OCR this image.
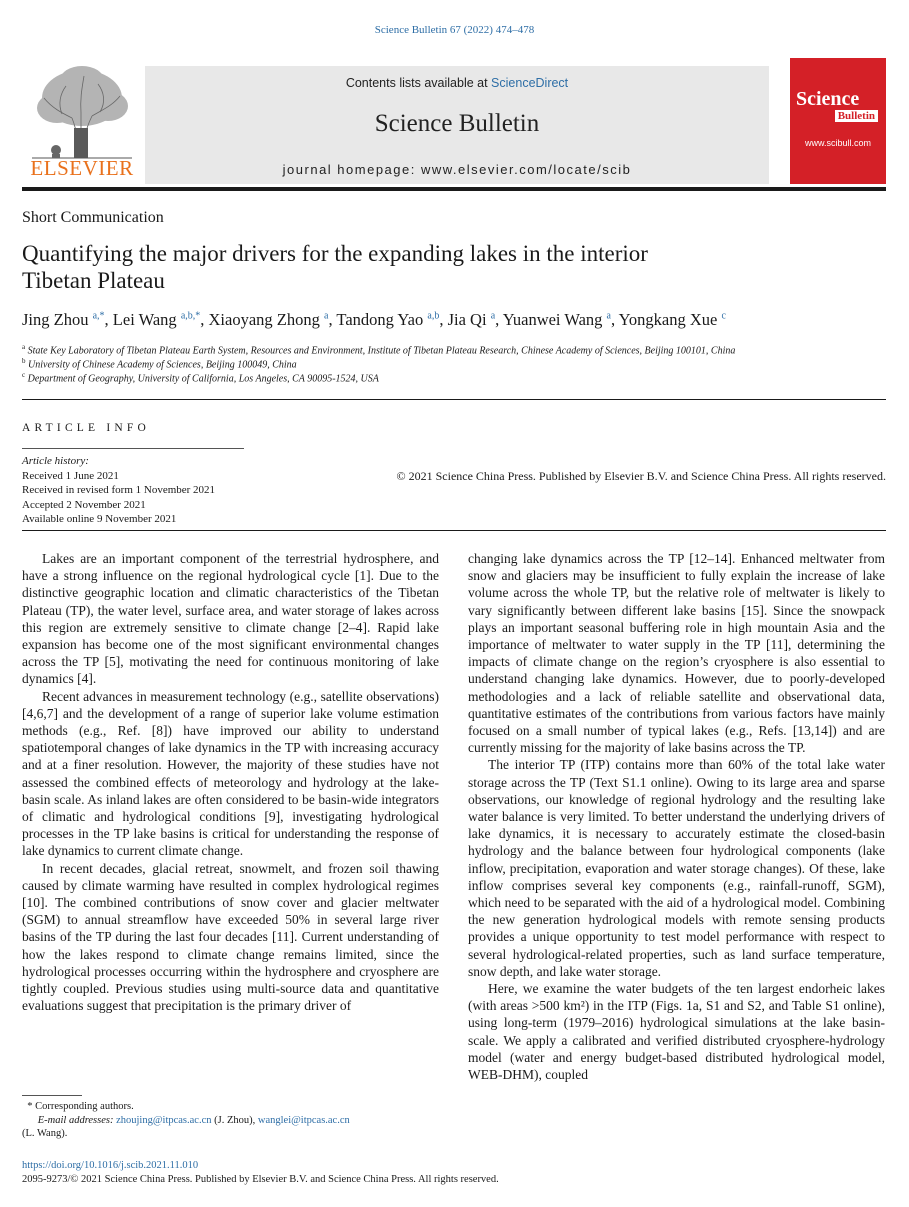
Science Bulletin 67 (2022) 474–478
ELSEVIER
Contents lists available at ScienceDirect
Science Bulletin
journal homepage: www.elsevier.com/locate/scib
Science
Bulletin
www.scibull.com
Short Communication
Quantifying the major drivers for the expanding lakes in the interior
Tibetan Plateau
Jing Zhou $^{a,*}$, Lei Wang $^{a,b,*}$, Xiaoyang Zhong $^a$, Tandong Yao $^{a,b}$, Jia Qi $^a$, Yuanwei Wang $^a$, Yongkang Xue $^c$
$^a$ State Key Laboratory of Tibetan Plateau Earth System, Resources and Environment, Institute of Tibetan Plateau Research, Chinese Academy of Sciences, Beijing 100101, China
$^b$ University of Chinese Academy of Sciences, Beijing 100049, China
$^c$ Department of Geography, University of California, Los Angeles, CA 90095-1524, USA
ARTICLE INFO
Article history:
Received 1 June 2021
Received in revised form 1 November 2021
Accepted 2 November 2021
Available online 9 November 2021
© 2021 Science China Press. Published by Elsevier B.V. and Science China Press. All rights reserved.

Lakes are an important component of the terrestrial hydrosphere, and have a strong influence on the regional hydrological cycle [1]. Due to the distinctive geographic location and climatic characteristics of the Tibetan Plateau (TP), the water level, surface area, and water storage of lakes across this region are extremely sensitive to climate change [2–4]. Rapid lake expansion has become one of the most significant environmental changes across the TP [5], motivating the need for continuous monitoring of lake dynamics [4].

Recent advances in measurement technology (e.g., satellite observations) [4,6,7] and the development of a range of superior lake volume estimation methods (e.g., Ref. [8]) have improved our ability to understand spatiotemporal changes of lake dynamics in the TP with increasing accuracy and at a finer resolution. However, the majority of these studies have not assessed the combined effects of meteorology and hydrology at the lake-basin scale. As inland lakes are often considered to be basin-wide integrators of climatic and hydrological conditions [9], investigating hydrological processes in the TP lake basins is critical for understanding the response of lake dynamics to current climate change.

In recent decades, glacial retreat, snowmelt, and frozen soil thawing caused by climate warming have resulted in complex hydrological regimes [10]. The combined contributions of snow cover and glacier meltwater (SGM) to annual streamflow have exceeded 50% in several large river basins of the TP during the last four decades [11]. Current understanding of how the lakes respond to climate change remains limited, since the hydrological processes occurring within the hydrosphere and cryosphere are tightly coupled. Previous studies using multi-source data and quantitative evaluations suggest that precipitation is the primary driver of

changing lake dynamics across the TP [12–14]. Enhanced meltwater from snow and glaciers may be insufficient to fully explain the increase of lake volume across the whole TP, but the relative role of meltwater is likely to vary significantly between different lake basins [15]. Since the snowpack plays an important seasonal buffering role in high mountain Asia and the importance of meltwater to water supply in the TP [11], determining the impacts of climate change on the region’s cryosphere is also essential to understand changing lake dynamics. However, due to poorly-developed methodologies and a lack of reliable satellite and observational data, quantitative estimates of the contributions from various factors have mainly focused on a small number of typical lakes (e.g., Refs. [13,14]) and are currently missing for the majority of lake basins across the TP.

The interior TP (ITP) contains more than 60% of the total lake water storage across the TP (Text S1.1 online). Owing to its large area and sparse observations, our knowledge of regional hydrology and the resulting lake water balance is very limited. To better understand the underlying drivers of lake dynamics, it is necessary to accurately estimate the closed-basin hydrology and the balance between four hydrological components (lake inflow, precipitation, evaporation and water storage changes). Of these, lake inflow comprises several key components (e.g., rainfall-runoff, SGM), which need to be separated with the aid of a hydrological model. Combining the new generation hydrological models with remote sensing products provides a unique opportunity to test model performance with respect to several hydrological-related properties, such as land surface temperature, snow depth, and lake water storage.

Here, we examine the water budgets of the ten largest endorheic lakes (with areas >500 km²) in the ITP (Figs. 1a, S1 and S2, and Table S1 online), using long-term (1979–2016) hydrological simulations at the lake basin-scale. We apply a calibrated and verified distributed cryosphere-hydrology model (water and energy budget-based distributed hydrological model, WEB-DHM), coupled

* Corresponding authors.
E-mail addresses: zhoujing@itpcas.ac.cn (J. Zhou), wanglei@itpcas.ac.cn
(L. Wang).
https://doi.org/10.1016/j.scib.2021.11.010
2095-9273/© 2021 Science China Press. Published by Elsevier B.V. and Science China Press. All rights reserved.
